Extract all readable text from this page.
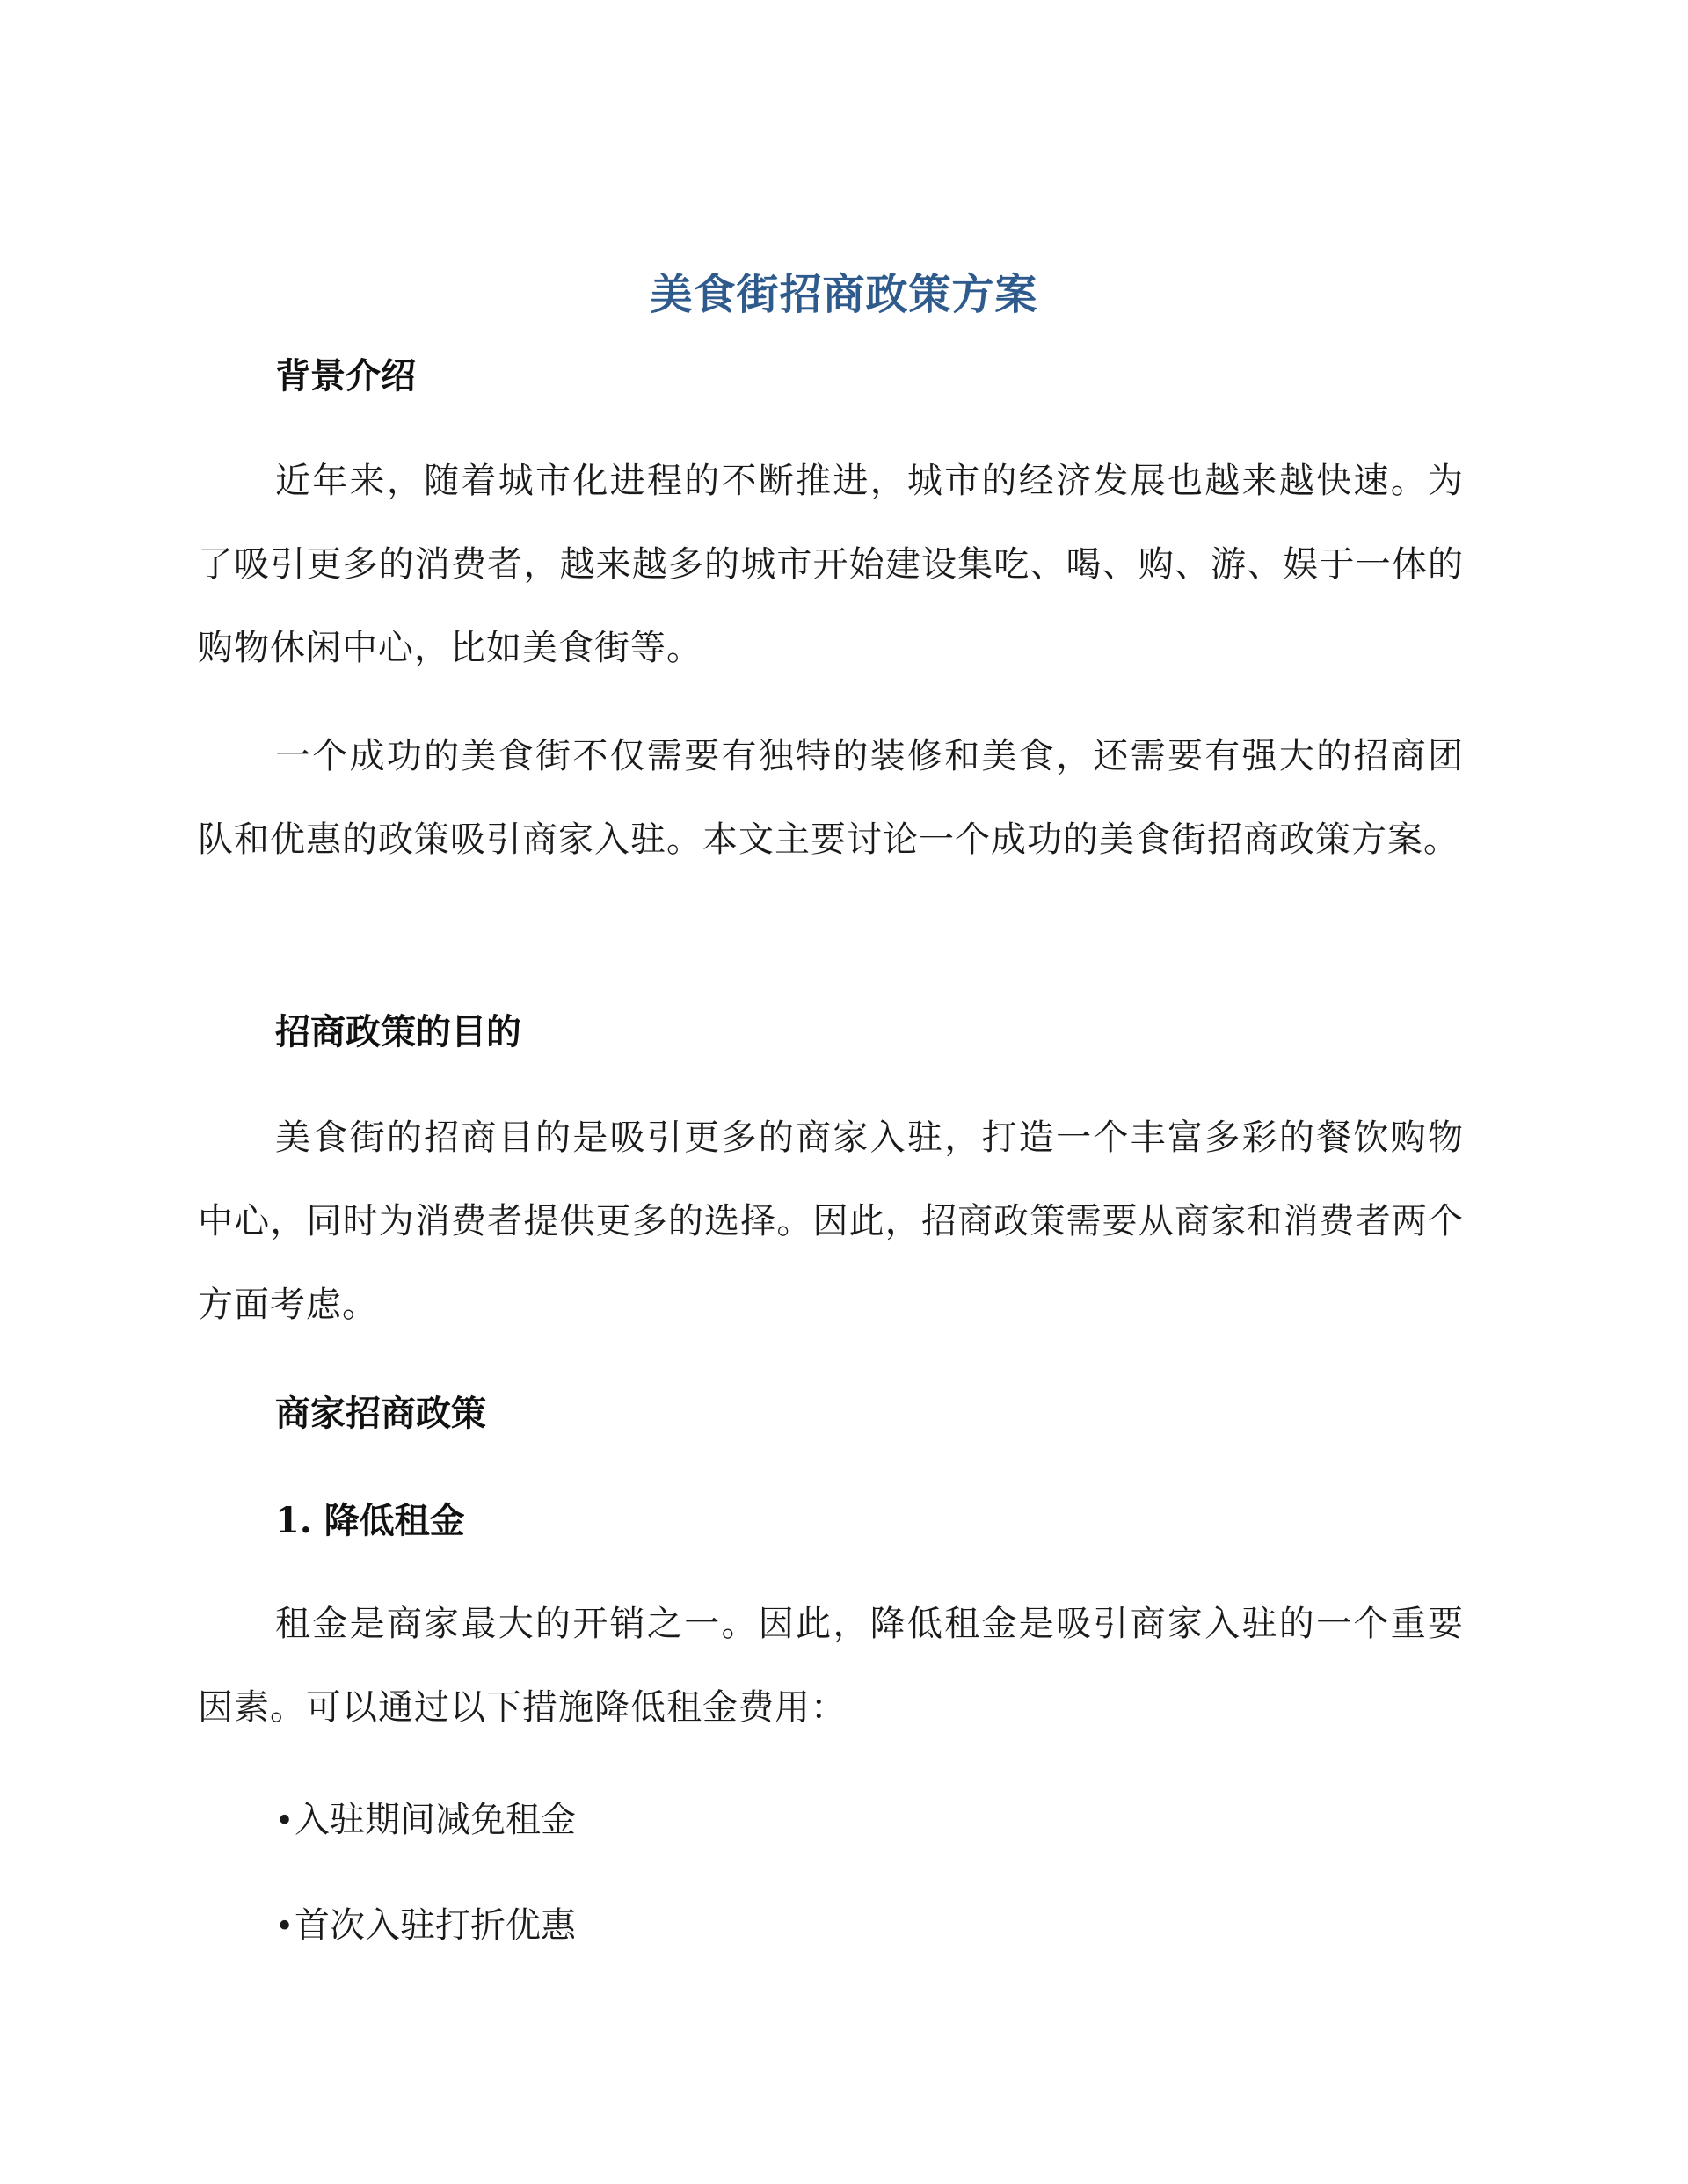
美食街招商政策方案
背景介绍

近年来，随着城市化进程的不断推进，城市的经济发展也越来越快速。为了吸引更多的消费者，越来越多的城市开始建设集吃、喝、购、游、娱于一体的购物休闲中心，比如美食街等。

一个成功的美食街不仅需要有独特的装修和美食，还需要有强大的招商团队和优惠的政策吸引商家入驻。本文主要讨论一个成功的美食街招商政策方案。

招商政策的目的

美食街的招商目的是吸引更多的商家入驻，打造一个丰富多彩的餐饮购物中心，同时为消费者提供更多的选择。因此，招商政策需要从商家和消费者两个方面考虑。

商家招商政策
1. 降低租金

租金是商家最大的开销之一。因此，降低租金是吸引商家入驻的一个重要因素。可以通过以下措施降低租金费用：

•入驻期间减免租金
•首次入驻打折优惠
